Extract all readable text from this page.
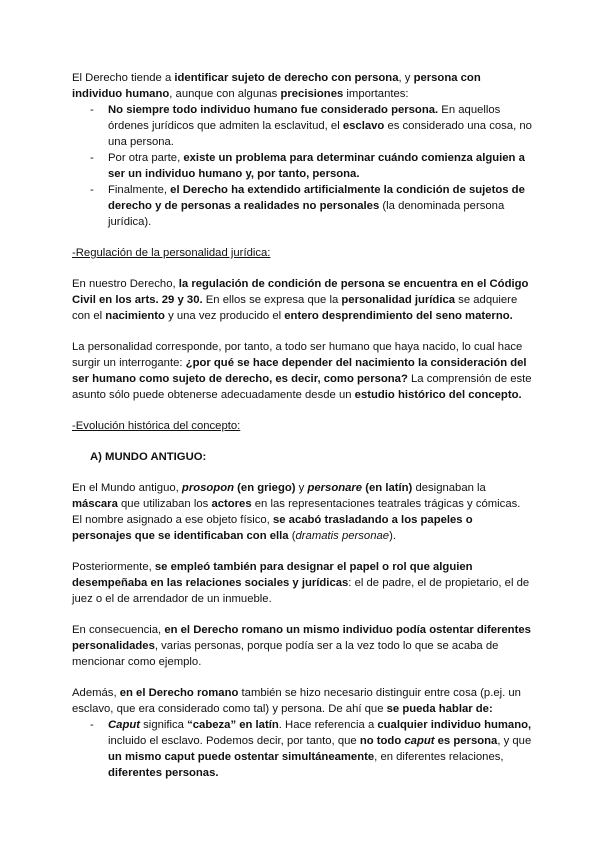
El Derecho tiende a identificar sujeto de derecho con persona, y persona con individuo humano, aunque con algunas precisiones importantes:

- No siempre todo individuo humano fue considerado persona. En aquellos órdenes jurídicos que admiten la esclavitud, el esclavo es considerado una cosa, no una persona.
- Por otra parte, existe un problema para determinar cuándo comienza alguien a ser un individuo humano y, por tanto, persona.
- Finalmente, el Derecho ha extendido artificialmente la condición de sujetos de derecho y de personas a realidades no personales (la denominada persona jurídica).

-Regulación de la personalidad jurídica:

En nuestro Derecho, la regulación de condición de persona se encuentra en el Código Civil en los arts. 29 y 30. En ellos se expresa que la personalidad jurídica se adquiere con el nacimiento y una vez producido el entero desprendimiento del seno materno.

La personalidad corresponde, por tanto, a todo ser humano que haya nacido, lo cual hace surgir un interrogante: ¿por qué se hace depender del nacimiento la consideración del ser humano como sujeto de derecho, es decir, como persona? La comprensión de este asunto sólo puede obtenerse adecuadamente desde un estudio histórico del concepto.

-Evolución histórica del concepto:

A) MUNDO ANTIGUO:

En el Mundo antiguo, prosopon (en griego) y personare (en latín) designaban la máscara que utilizaban los actores en las representaciones teatrales trágicas y cómicas. El nombre asignado a ese objeto físico, se acabó trasladando a los papeles o personajes que se identificaban con ella (dramatis personae).

Posteriormente, se empleó también para designar el papel o rol que alguien desempeñaba en las relaciones sociales y jurídicas: el de padre, el de propietario, el de juez o el de arrendador de un inmueble.

En consecuencia, en el Derecho romano un mismo individuo podía ostentar diferentes personalidades, varias personas, porque podía ser a la vez todo lo que se acaba de mencionar como ejemplo.

Además, en el Derecho romano también se hizo necesario distinguir entre cosa (p.ej. un esclavo, que era considerado como tal) y persona. De ahí que se pueda hablar de:

- Caput significa “cabeza” en latín. Hace referencia a cualquier individuo humano, incluido el esclavo. Podemos decir, por tanto, que no todo caput es persona, y que un mismo caput puede ostentar simultáneamente, en diferentes relaciones, diferentes personas.
